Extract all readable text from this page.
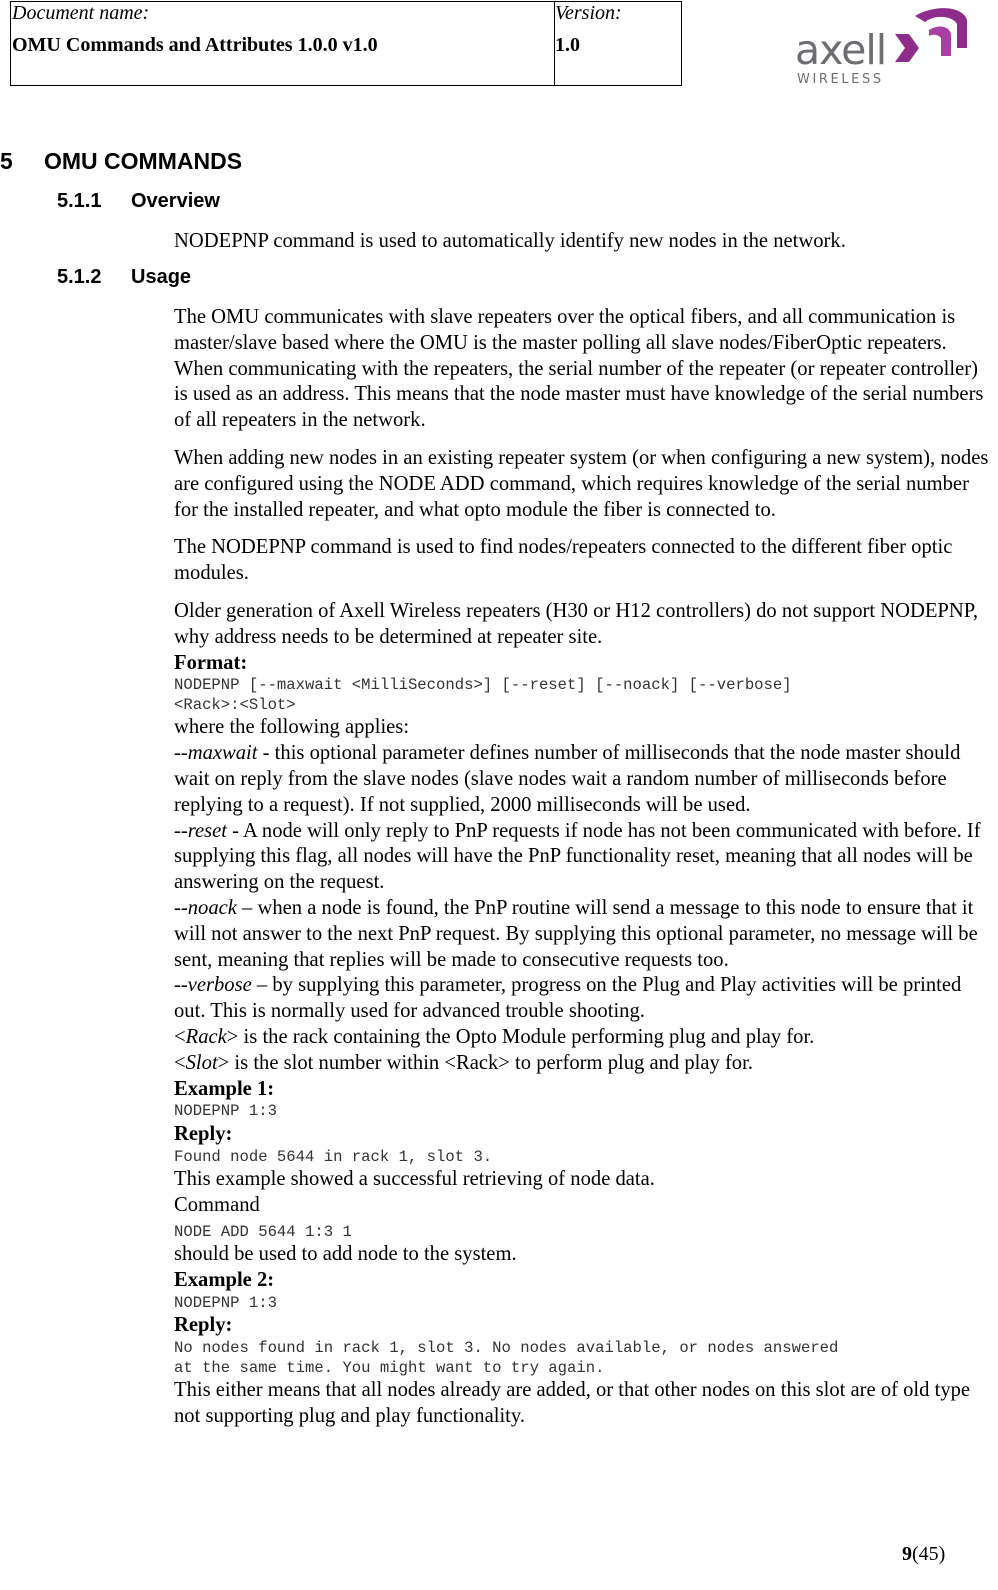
Document name:
OMU Commands and Attributes 1.0.0 v1.0
Version:
1.0	axell
WIRELESS
5 OMU COMMANDS
5.1.1 Overview

NODEPNP command is used to automatically identify new nodes in the network.

5.1.2 Usage

The OMU communicates with slave repeaters over the optical fibers, and all communication is master/slave based where the OMU is the master polling all slave nodes/FiberOptic repeaters. When communicating with the repeaters, the serial number of the repeater (or repeater controller) is used as an address. This means that the node master must have knowledge of the serial numbers of all repeaters in the network.

When adding new nodes in an existing repeater system (or when configuring a new system), nodes are configured using the NODE ADD command, which requires knowledge of the serial number for the installed repeater, and what opto module the fiber is connected to.

The NODEPNP command is used to find nodes/repeaters connected to the different fiber optic modules.

Older generation of Axell Wireless repeaters (H30 or H12 controllers) do not support NODEPNP, why address needs to be determined at repeater site.

Format:

NODEPNP [--maxwait <MilliSeconds>] [--reset] [--noack] [--verbose]
<Rack>:<Slot>

where the following applies:

--maxwait - this optional parameter defines number of milliseconds that the node master should wait on reply from the slave nodes (slave nodes wait a random number of milliseconds before replying to a request). If not supplied, 2000 milliseconds will be used.

--reset - A node will only reply to PnP requests if node has not been communicated with before. If supplying this flag, all nodes will have the PnP functionality reset, meaning that all nodes will be answering on the request.

--noack – when a node is found, the PnP routine will send a message to this node to ensure that it will not answer to the next PnP request. By supplying this optional parameter, no message will be sent, meaning that replies will be made to consecutive requests too.

--verbose – by supplying this parameter, progress on the Plug and Play activities will be printed out. This is normally used for advanced trouble shooting.

<Rack> is the rack containing the Opto Module performing plug and play for.

<Slot> is the slot number within <Rack> to perform plug and play for.

Example 1:

NODEPNP 1:3

Reply:

Found node 5644 in rack 1, slot 3.

This example showed a successful retrieving of node data.

Command

NODE ADD 5644 1:3 1

should be used to add node to the system.

Example 2:

NODEPNP 1:3

Reply:

No nodes found in rack 1, slot 3. No nodes available, or nodes answered
at the same time. You might want to try again.

This either means that all nodes already are added, or that other nodes on this slot are of old type not supporting plug and play functionality.

9(45)
